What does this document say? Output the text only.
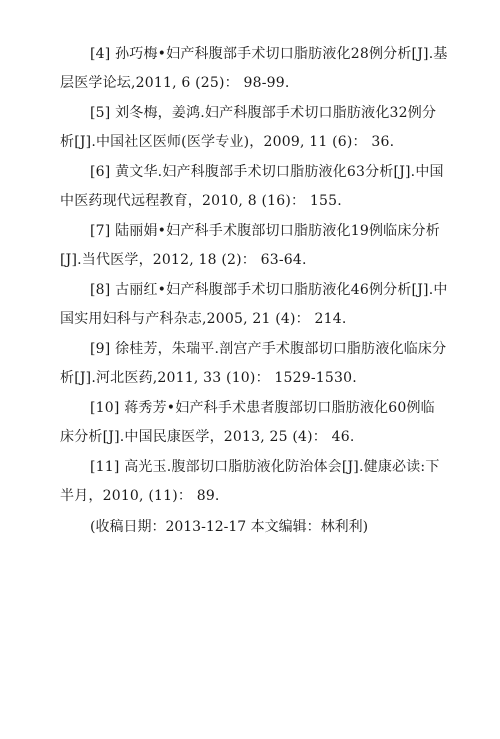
[4] 孙巧梅•妇产科腹部手术切口脂肪液化28例分析[J].基层医学论坛,2011, 6 (25)： 98-99.

[5] 刘冬梅，姜鸿.妇产科腹部手术切口脂肪液化32例分析[J].中国社区医师(医学专业)，2009, 11 (6)： 36.

[6] 黄文华.妇产科腹部手术切口脂肪液化63分析[J].中国中医药现代远程教育，2010, 8 (16)： 155.

[7] 陆丽娟•妇产科手术腹部切口脂肪液化19例临床分析[J].当代医学，2012, 18 (2)： 63-64.

[8] 古丽红•妇产科腹部手术切口脂肪液化46例分析[J].中国实用妇科与产科杂志,2005, 21 (4)： 214.

[9] 徐桂芳，朱瑞平.剖宫产手术腹部切口脂肪液化临床分析[J].河北医药,2011, 33 (10)： 1529-1530.

[10] 蒋秀芳•妇产科手术患者腹部切口脂肪液化60例临床分析[J].中国民康医学，2013, 25 (4)： 46.

[11] 高光玉.腹部切口脂肪液化防治体会[J].健康必读:下半月，2010, (11)： 89.

(收稿日期：2013-12-17 本文编辑：林利利)
